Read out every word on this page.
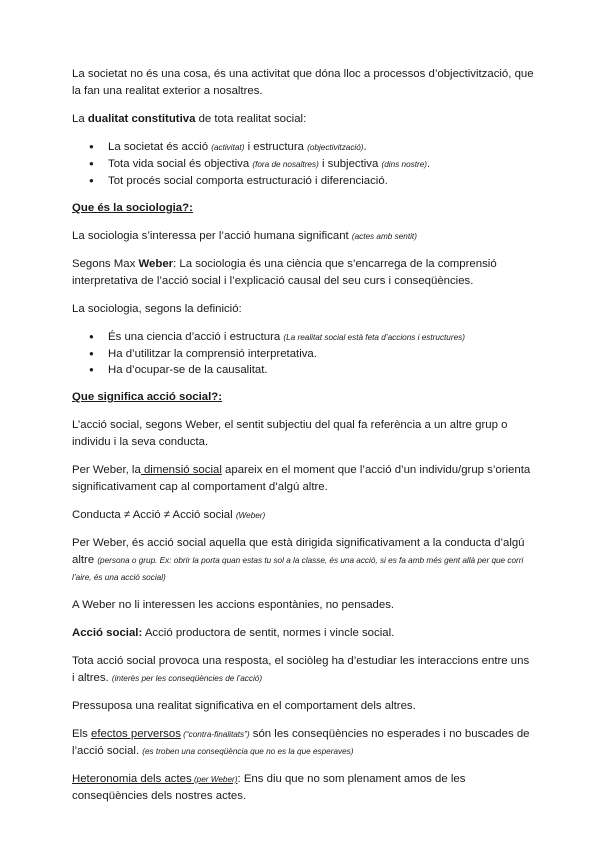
La societat no és una cosa, és una activitat que dóna lloc a processos d’objectivització, que la fan una realitat exterior a nosaltres.

La dualitat constitutiva de tota realitat social:

● La societat és acció (activitat) i estructura (objectivització).
● Tota vida social és objectiva (fora de nosaltres) i subjectiva (dins nostre).
● Tot procés social comporta estructuració i diferenciació.
Que és la sociologia?:

La sociologia s’interessa per l’acció humana significant (actes amb sentit)

Segons Max Weber: La sociologia és una ciència que s’encarrega de la comprensió interpretativa de l’acció social i l’explicació causal del seu curs i conseqüències.

La sociologia, segons la definició:

● És una ciencia d’acció i estructura (La realitat social està feta d’accions i estructures)
● Ha d’utilitzar la comprensió interpretativa.
● Ha d’ocupar-se de la causalitat.
Que significa acció social?:

L’acció social, segons Weber, el sentit subjectiu del qual fa referència a un altre grup o individu i la seva conducta.

Per Weber, la dimensió social apareix en el moment que l’acció d’un individu/grup s’orienta significativament cap al comportament d’algú altre.

Conducta ≠ Acció ≠ Acció social (Weber)

Per Weber, és acció social aquella que està dirigida significativament a la conducta d’algú altre (persona o grup. Ex: obrir la porta quan estas tu sol a la classe, és una acció, si es fa amb més gent allà per que corri l’aire, és una acció social)

A Weber no li interessen les accions espontànies, no pensades.

Acció social: Acció productora de sentit, normes i vincle social.

Tota acció social provoca una resposta, el sociòleg ha d’estudiar les interaccions entre uns i altres. (interès per les conseqüències de l’acció)

Pressuposa una realitat significativa en el comportament dels altres.

Els efectos perversos (“contra-finalitats”) són les conseqüències no esperades i no buscades de l’acció social. (es troben una conseqüència que no es la que esperaves)

Heteronomia dels actes (per Weber): Ens diu que no som plenament amos de les conseqüències dels nostres actes.
